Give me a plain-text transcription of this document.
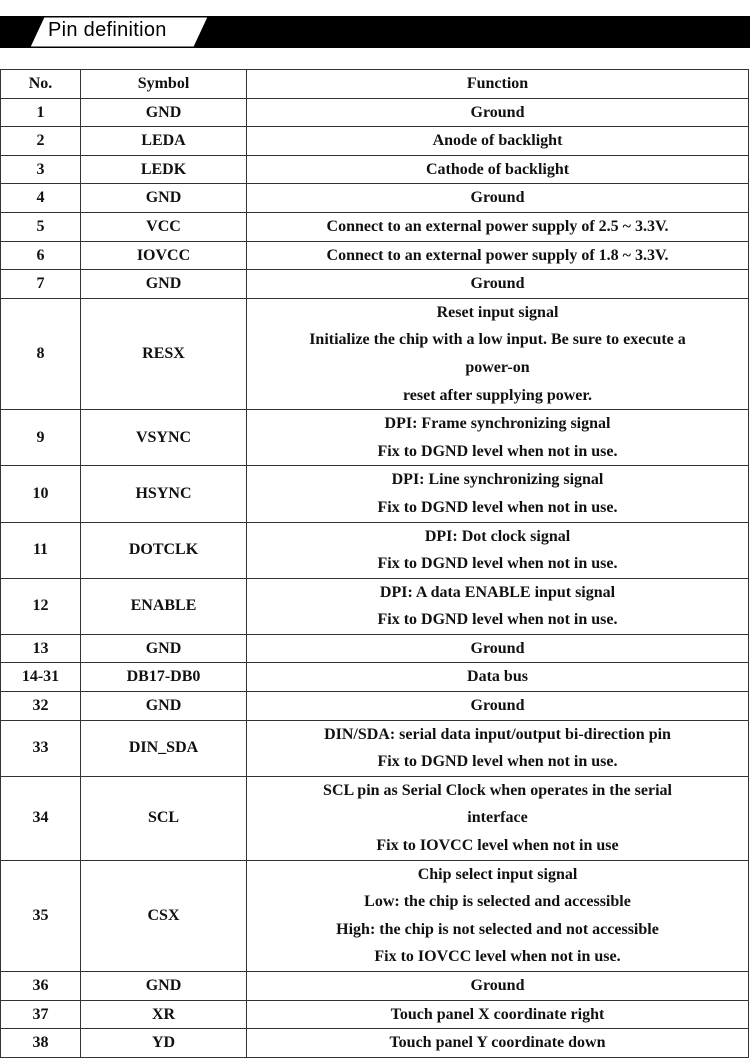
Pin definition
No.	Symbol	Function
1	GND	Ground

2	LEDA	Anode of backlight

3	LEDK	Cathode of backlight

4	GND	Ground

5	VCC	Connect to an external power supply of 2.5 ~ 3.3V.

6	IOVCC	Connect to an external power supply of 1.8 ~ 3.3V.

7	GND	Ground

8	RESX	Reset input signal
Initialize the chip with a low input. Be sure to execute a
power-on
reset after supplying power.

9	VSYNC	DPI: Frame synchronizing signal
Fix to DGND level when not in use.

10	HSYNC	DPI: Line synchronizing signal
Fix to DGND level when not in use.

11	DOTCLK	DPI: Dot clock signal
Fix to DGND level when not in use.

12	ENABLE	DPI: A data ENABLE input signal
Fix to DGND level when not in use.

13	GND	Ground

14-31	DB17-DB0	Data bus

32	GND	Ground

33	DIN_SDA	DIN/SDA: serial data input/output bi-direction pin
Fix to DGND level when not in use.

34	SCL	SCL pin as Serial Clock when operates in the serial
interface
Fix to IOVCC level when not in use

35	CSX	Chip select input signal
Low: the chip is selected and accessible
High: the chip is not selected and not accessible
Fix to IOVCC level when not in use.

36	GND	Ground

37	XR	Touch panel X coordinate right

38	YD	Touch panel Y coordinate down
